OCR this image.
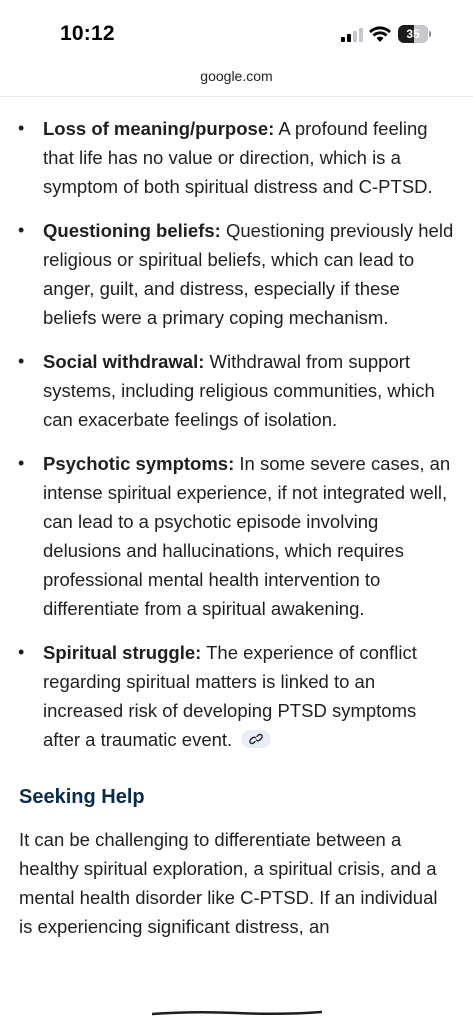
10:12	35
google.com
• Loss of meaning/purpose: A profound feeling that life has no value or direction, which is a symptom of both spiritual distress and C-PTSD.
• Questioning beliefs: Questioning previously held religious or spiritual beliefs, which can lead to anger, guilt, and distress, especially if these beliefs were a primary coping mechanism.
• Social withdrawal: Withdrawal from support systems, including religious communities, which can exacerbate feelings of isolation.
• Psychotic symptoms: In some severe cases, an intense spiritual experience, if not integrated well, can lead to a psychotic episode involving delusions and hallucinations, which requires professional mental health intervention to differentiate from a spiritual awakening.
• Spiritual struggle: The experience of conflict regarding spiritual matters is linked to an increased risk of developing PTSD symptoms after a traumatic event.
Seeking Help
It can be challenging to differentiate between a healthy spiritual exploration, a spiritual crisis, and a mental health disorder like C-PTSD. If an individual is experiencing significant distress, an
